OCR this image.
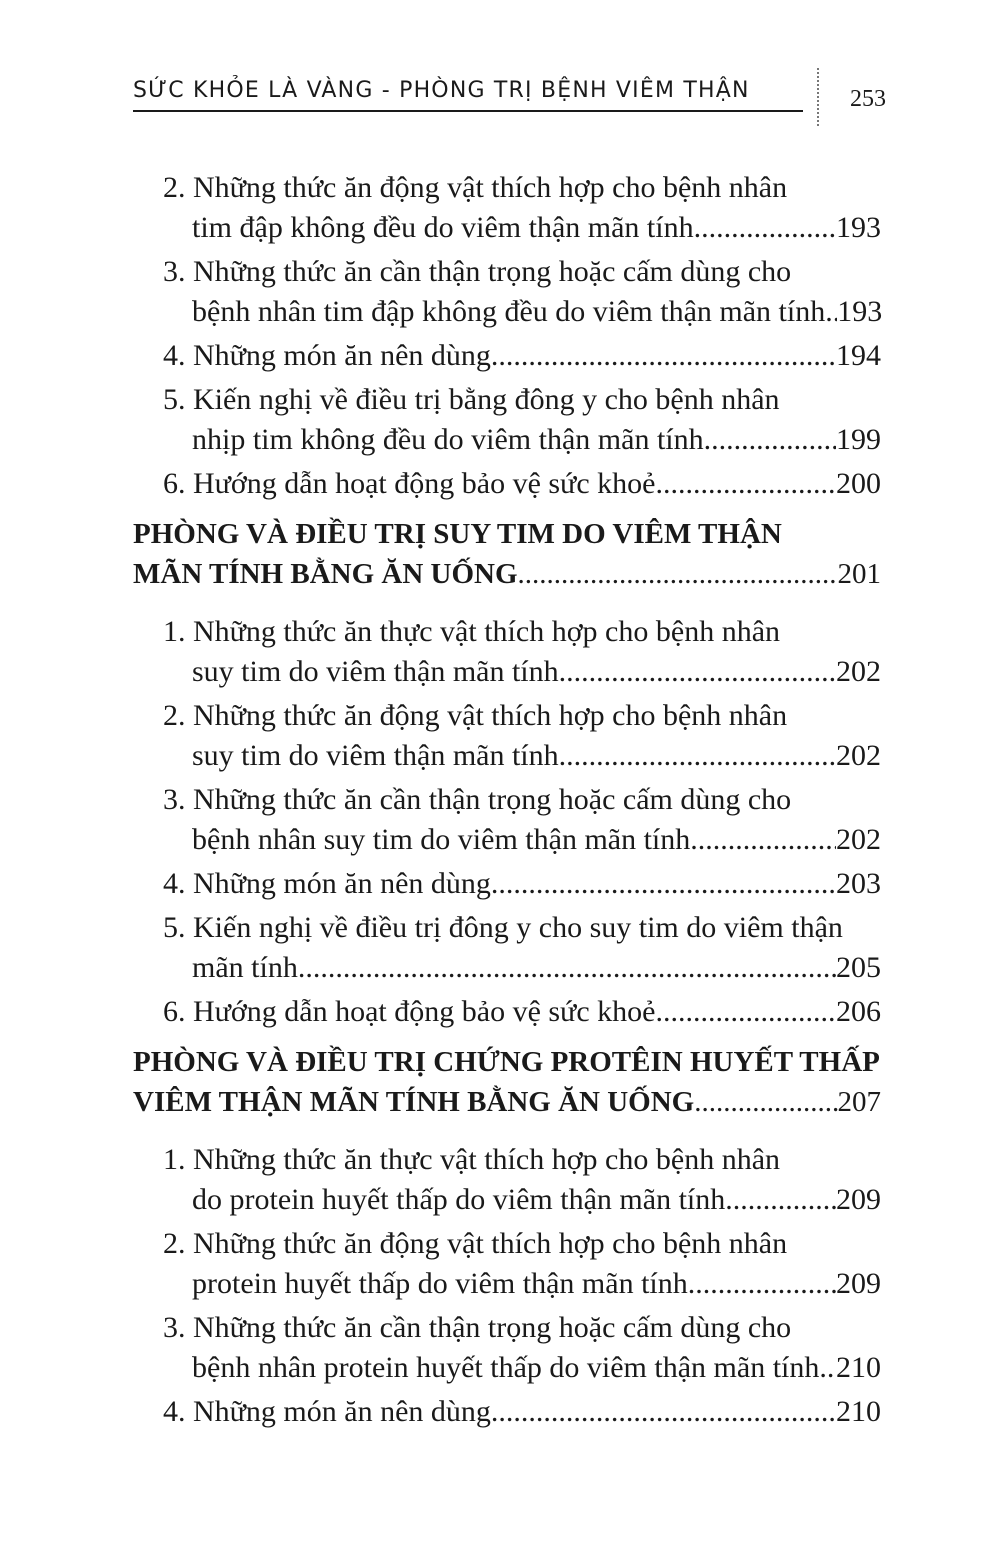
SỨC KHỎE LÀ VÀNG - PHÒNG TRỊ BỆNH VIÊM THẬN	253
2. Những thức ăn động vật thích hợp cho bệnh nhân
tim đập không đều do viêm thận mãn tính .....	193
3. Những thức ăn cần thận trọng hoặc cấm dùng cho
bệnh nhân tim đập không đều do viêm thận mãn tính ..... 193
4. Những món ăn nên dùng .....	194
5. Kiến nghị về điều trị bằng đông y cho bệnh nhân
nhịp tim không đều do viêm thận mãn tính .....	199
6. Hướng dẫn hoạt động bảo vệ sức khoẻ .....	200
PHÒNG VÀ ĐIỀU TRỊ SUY TIM DO VIÊM THẬN
MÃN TÍNH BẰNG ĂN UỐNG .....	201
1. Những thức ăn thực vật thích hợp cho bệnh nhân
suy tim do viêm thận mãn tính .....	202
2. Những thức ăn động vật thích hợp cho bệnh nhân
suy tim do viêm thận mãn tính .....	202
3. Những thức ăn cần thận trọng hoặc cấm dùng cho
bệnh nhân suy tim do viêm thận mãn tính .....	202
4. Những món ăn nên dùng .....	203
5. Kiến nghị về điều trị đông y cho suy tim do viêm thận
mãn tính .....	205
6. Hướng dẫn hoạt động bảo vệ sức khoẻ .....	206
PHÒNG VÀ ĐIỀU TRỊ CHỨNG PROTÊIN HUYẾT THẤP
VIÊM THẬN MÃN TÍNH BẰNG ĂN UỐNG .....	207
1. Những thức ăn thực vật thích hợp cho bệnh nhân
do protein huyết thấp do viêm thận mãn tính .....	209
2. Những thức ăn động vật thích hợp cho bệnh nhân
protein huyết thấp do viêm thận mãn tính .....	209
3. Những thức ăn cần thận trọng hoặc cấm dùng cho
bệnh nhân protein huyết thấp do viêm thận mãn tính ..... 210
4. Những món ăn nên dùng .....	210
